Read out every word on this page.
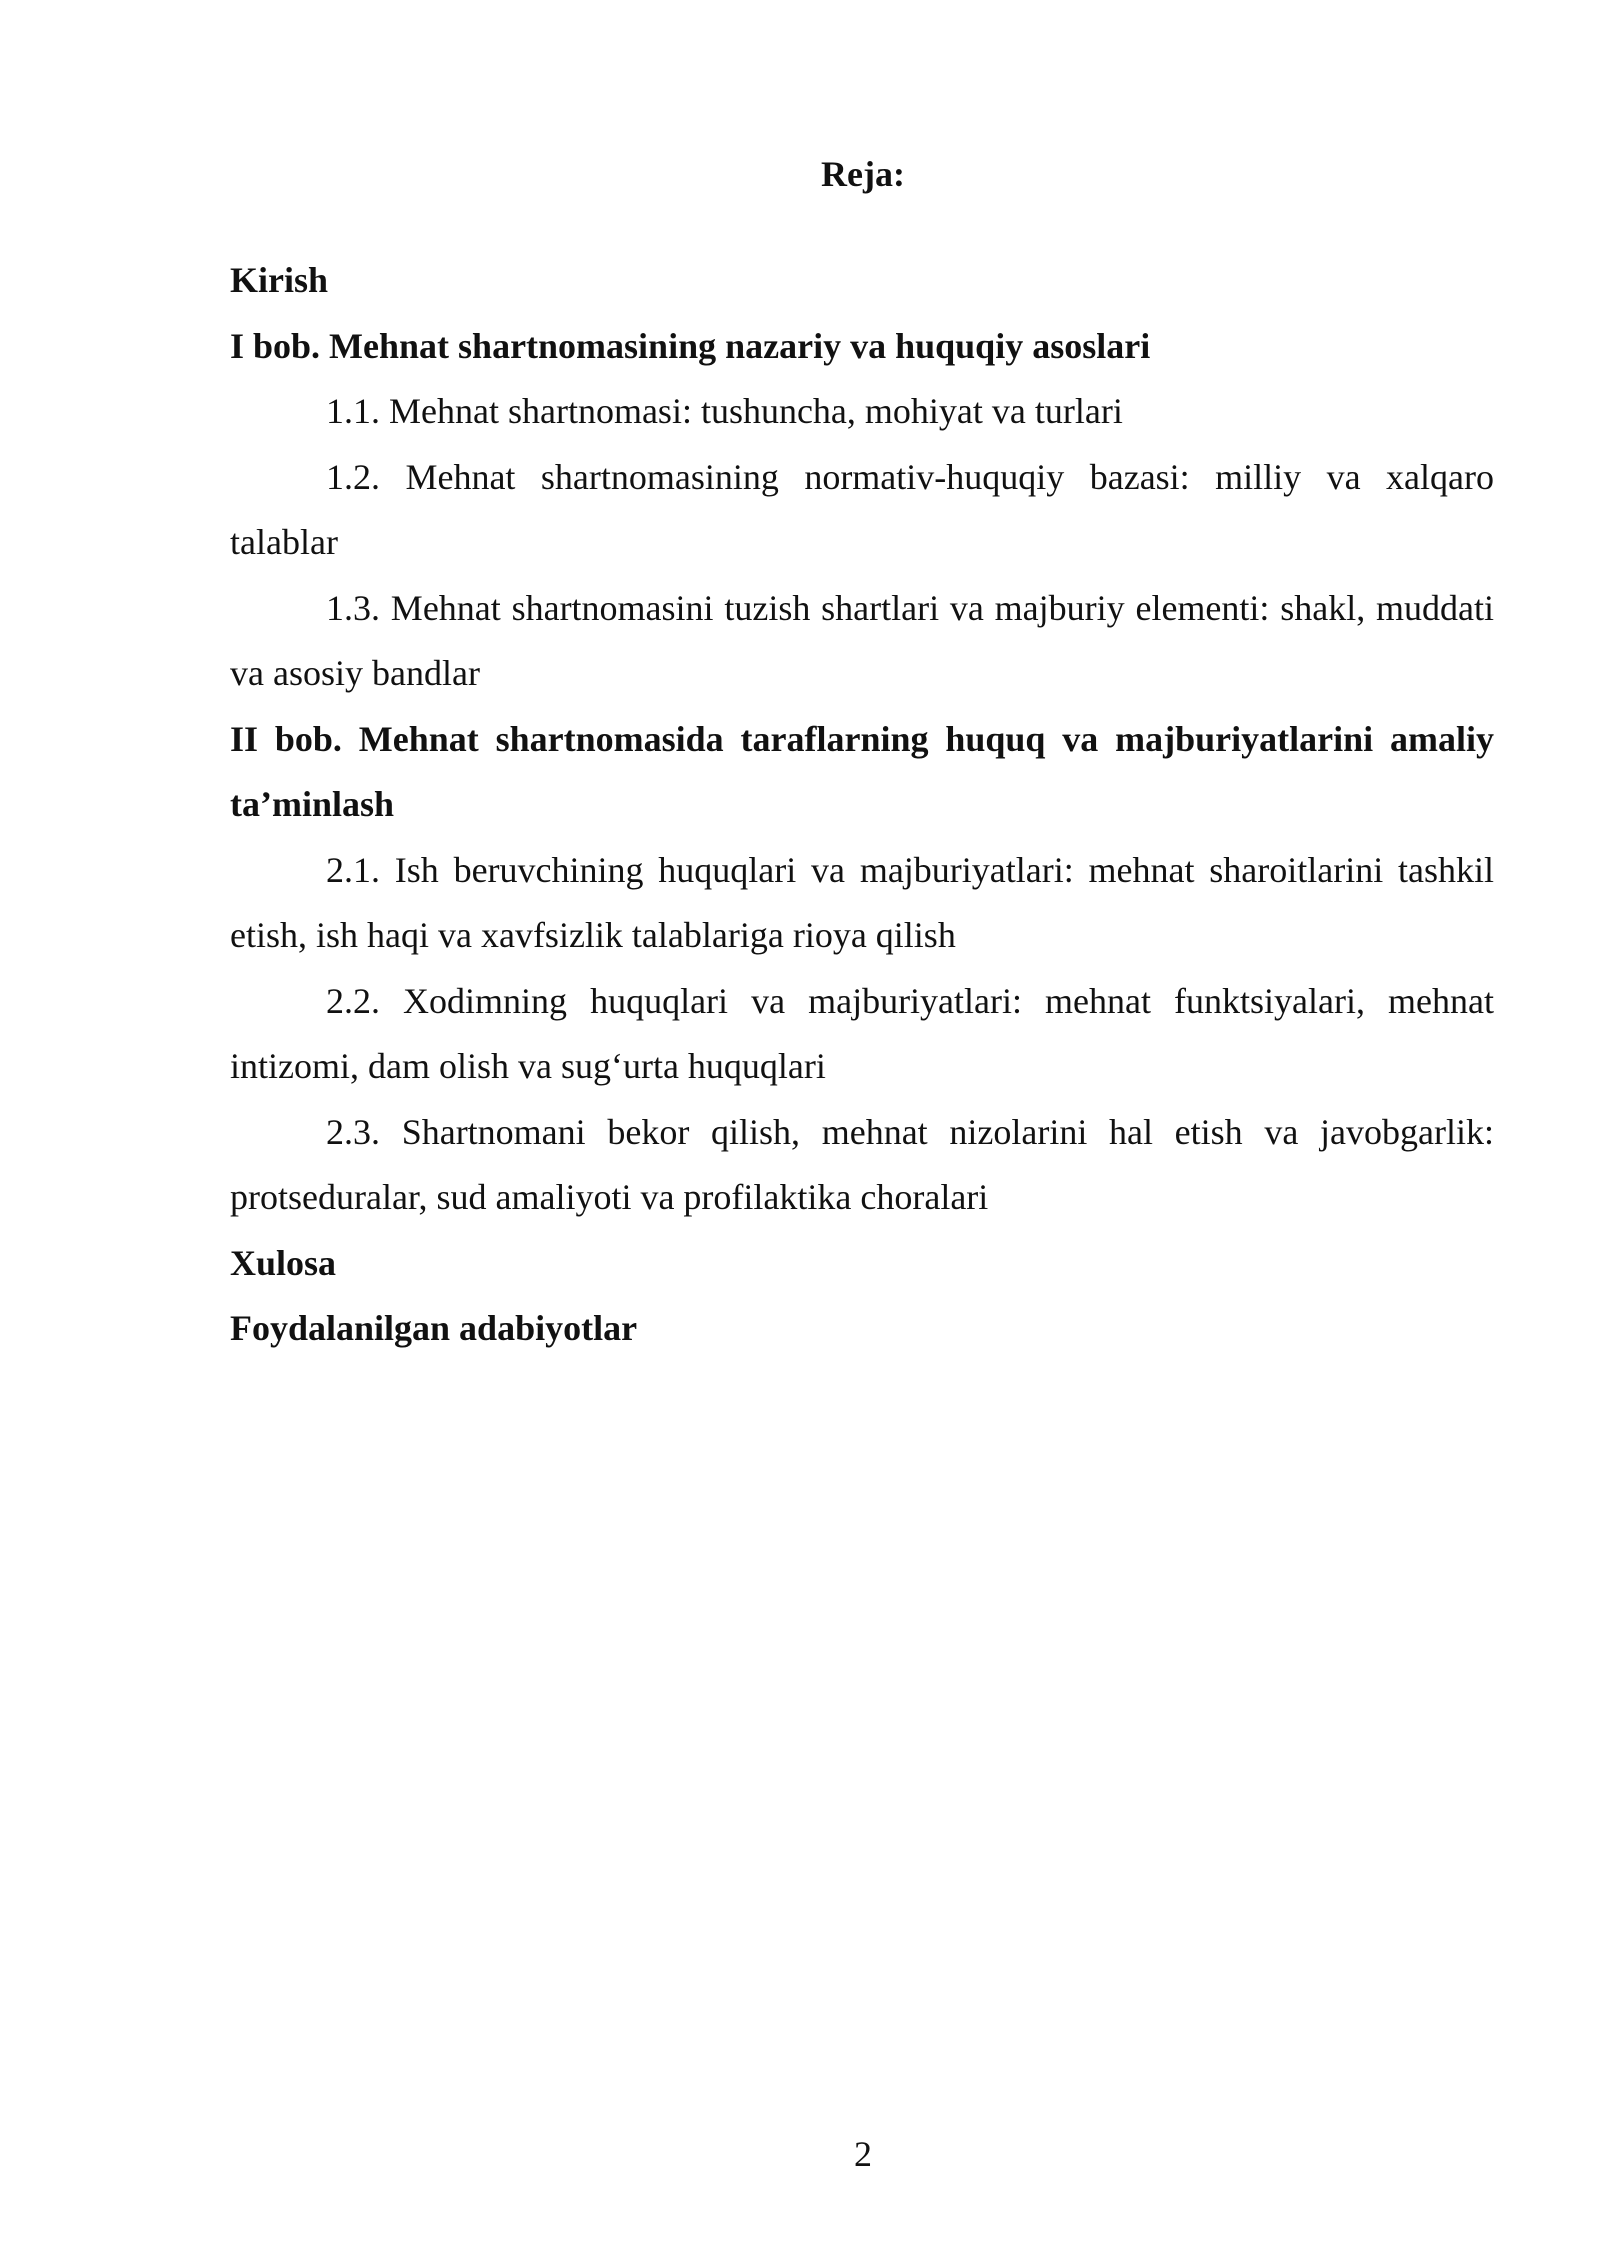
Reja:

Kirish

I bob. Mehnat shartnomasining nazariy va huquqiy asoslari

1.1. Mehnat shartnomasi: tushuncha, mohiyat va turlari

1.2. Mehnat shartnomasining normativ-huquqiy bazasi: milliy va xalqaro talablar

1.3. Mehnat shartnomasini tuzish shartlari va majburiy elementi: shakl, muddati va asosiy bandlar

II bob. Mehnat shartnomasida taraflarning huquq va majburiyatlarini amaliy ta’minlash

2.1. Ish beruvchining huquqlari va majburiyatlari: mehnat sharoitlarini tashkil etish, ish haqi va xavfsizlik talablariga rioya qilish

2.2. Xodimning huquqlari va majburiyatlari: mehnat funktsiyalari, mehnat intizomi, dam olish va sug‘urta huquqlari

2.3. Shartnomani bekor qilish, mehnat nizolarini hal etish va javobgarlik: protseduralar, sud amaliyoti va profilaktika choralari

Xulosa

Foydalanilgan adabiyotlar

2
